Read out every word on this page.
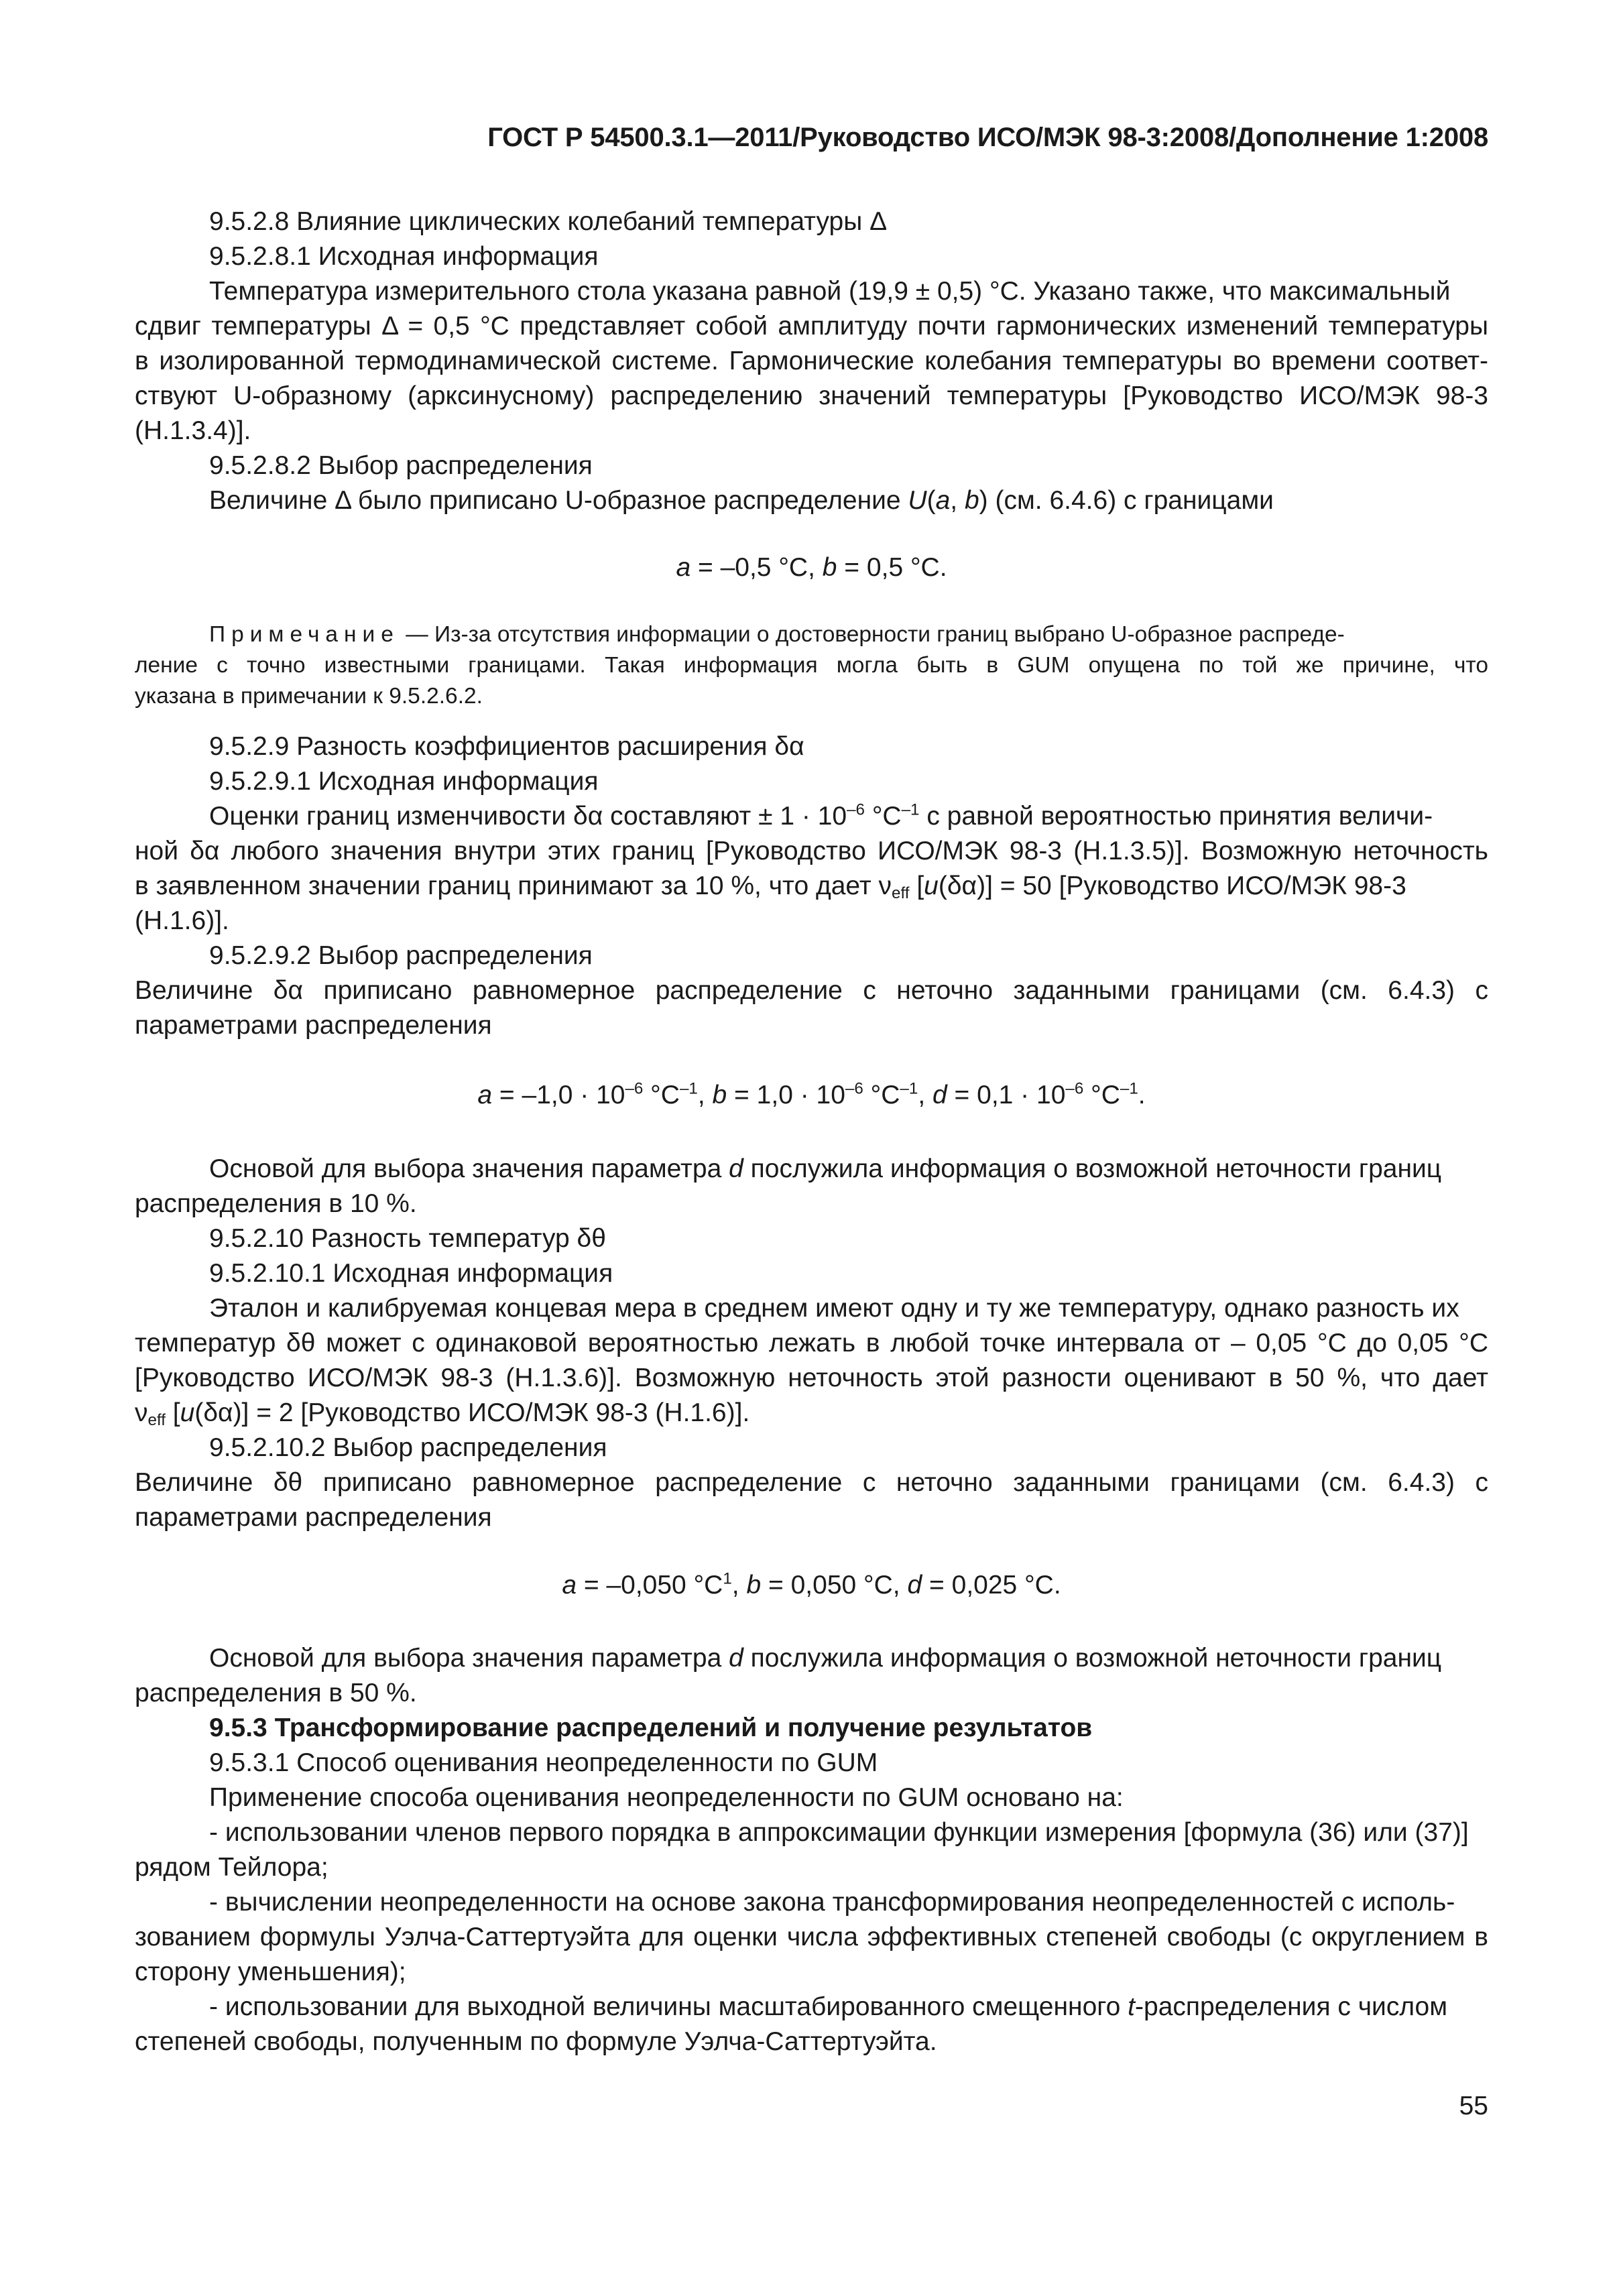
ГОСТ Р 54500.3.1—2011/Руководство ИСО/МЭК 98-3:2008/Дополнение 1:2008
9.5.2.8 Влияние циклических колебаний температуры Δ
9.5.2.8.1 Исходная информация
Температура измерительного стола указана равной (19,9 ± 0,5) °С. Указано также, что максимальный
сдвиг температуры Δ = 0,5 °С представляет собой амплитуду почти гармонических изменений температуры
в изолированной термодинамической системе. Гармонические колебания температуры во времени соответ-
ствуют U-образному (арксинусному) распределению значений температуры [Руководство ИСО/МЭК 98-3
(Н.1.3.4)].
9.5.2.8.2 Выбор распределения
Величине Δ было приписано U-образное распределение U(a, b) (см. 6.4.6) с границами
a = –0,5 °С, b = 0,5 °С.
Примечание — Из-за отсутствия информации о достоверности границ выбрано U-образное распреде-
ление с точно известными границами. Такая информация могла быть в GUM опущена по той же причине, что
указана в примечании к 9.5.2.6.2.
9.5.2.9 Разность коэффициентов расширения δα
9.5.2.9.1 Исходная информация
Оценки границ изменчивости δα составляют ± $1 \cdot 10^{-6}$ $^\circ С^{-1}$ с равной вероятностью принятия величи-
ной δα любого значения внутри этих границ [Руководство ИСО/МЭК 98-3 (Н.1.3.5)]. Возможную неточность
в заявленном значении границ принимают за 10 %, что дает $\nu_{eff}$ [u(δα)] = 50 [Руководство ИСО/МЭК 98-3
(Н.1.6)].
9.5.2.9.2 Выбор распределения
Величине δα приписано равномерное распределение с неточно заданными границами (см. 6.4.3) с
параметрами распределения
$a = -1,0 \cdot 10^{-6}$ $^\circ С^{-1}$, $b = 1,0 \cdot 10^{-6}$ $^\circ С^{-1}$, $d = 0,1 \cdot 10^{-6}$ $^\circ С^{-1}$.
Основой для выбора значения параметра d послужила информация о возможной неточности границ
распределения в 10 %.
9.5.2.10 Разность температур δθ
9.5.2.10.1 Исходная информация
Эталон и калибруемая концевая мера в среднем имеют одну и ту же температуру, однако разность их
температур δθ может с одинаковой вероятностью лежать в любой точке интервала от – 0,05 °С до 0,05 °С
[Руководство ИСО/МЭК 98-3 (Н.1.3.6)]. Возможную неточность этой разности оценивают в 50 %, что дает
$\nu_{eff}$ [u(δα)] = 2 [Руководство ИСО/МЭК 98-3 (Н.1.6)].
9.5.2.10.2 Выбор распределения
Величине δθ приписано равномерное распределение с неточно заданными границами (см. 6.4.3) с
параметрами распределения
a = –0,050 $^\circ С^1$, b = 0,050 °С, d = 0,025 °С.
Основой для выбора значения параметра d послужила информация о возможной неточности границ
распределения в 50 %.
9.5.3 Трансформирование распределений и получение результатов
9.5.3.1 Способ оценивания неопределенности по GUM
Применение способа оценивания неопределенности по GUM основано на:
- использовании членов первого порядка в аппроксимации функции измерения [формула (36) или (37)]
рядом Тейлора;
- вычислении неопределенности на основе закона трансформирования неопределенностей с исполь-
зованием формулы Уэлча-Саттертуэйта для оценки числа эффективных степеней свободы (с округлением в
сторону уменьшения);
- использовании для выходной величины масштабированного смещенного t-распределения с числом
степеней свободы, полученным по формуле Уэлча-Саттертуэйта.
55
